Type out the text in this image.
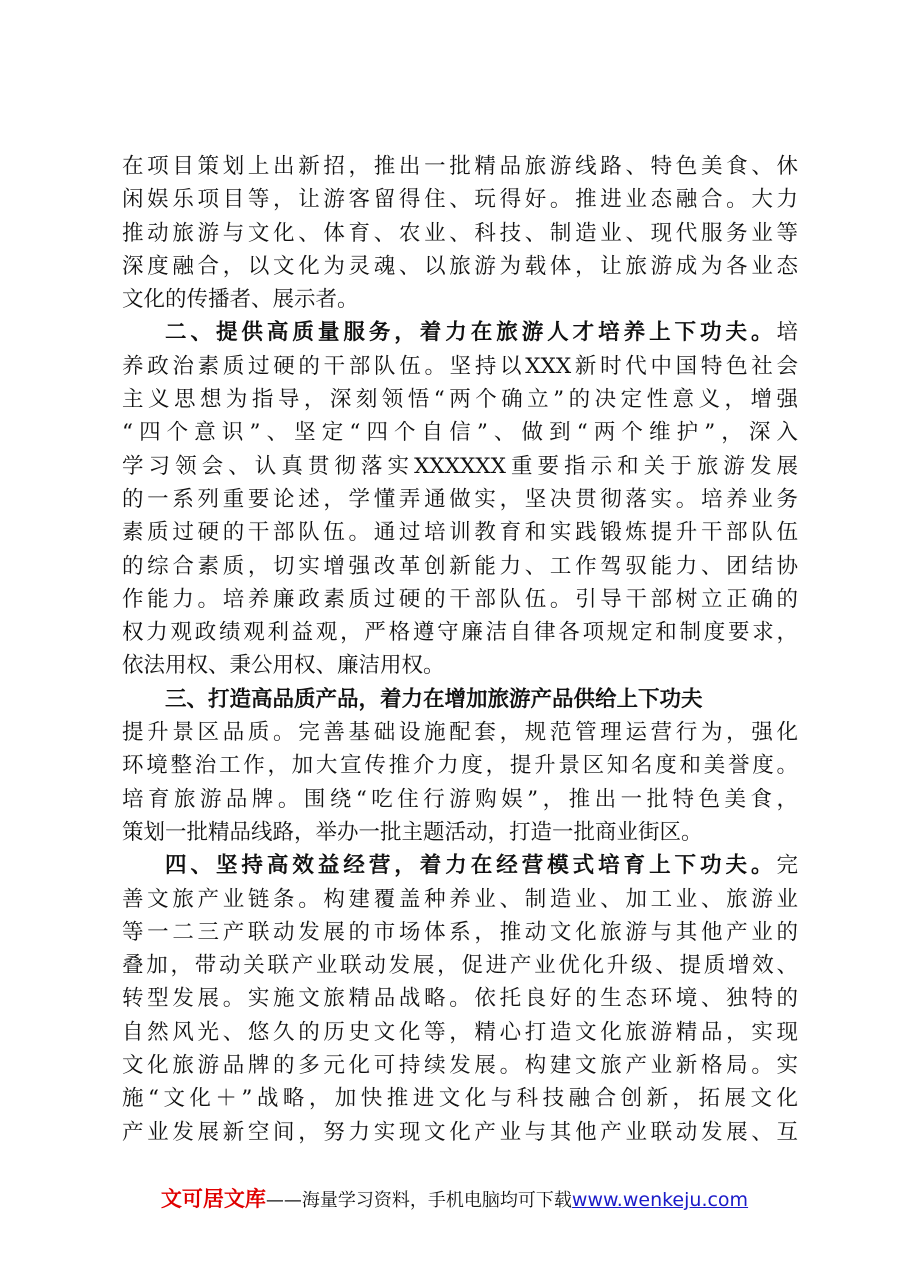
在项目策划上出新招，推出一批精品旅游线路、特色美食、休
闲娱乐项目等，让游客留得住、玩得好。推进业态融合。大力
推动旅游与文化、体育、农业、科技、制造业、现代服务业等
深度融合，以文化为灵魂、以旅游为载体，让旅游成为各业态
文化的传播者、展示者。
二、提供高质量服务，着力在旅游人才培养上下功夫。培
养政治素质过硬的干部队伍。坚持以XXX新时代中国特色社会
主义思想为指导，深刻领悟“两个确立”的决定性意义，增强
“四个意识”、坚定“四个自信”、做到“两个维护”，深入
学习领会、认真贯彻落实XXXXXX重要指示和关于旅游发展
的一系列重要论述，学懂弄通做实，坚决贯彻落实。培养业务
素质过硬的干部队伍。通过培训教育和实践锻炼提升干部队伍
的综合素质，切实增强改革创新能力、工作驾驭能力、团结协
作能力。培养廉政素质过硬的干部队伍。引导干部树立正确的
权力观政绩观利益观，严格遵守廉洁自律各项规定和制度要求，
依法用权、秉公用权、廉洁用权。
三、打造高品质产品，着力在增加旅游产品供给上下功夫
提升景区品质。完善基础设施配套，规范管理运营行为，强化
环境整治工作，加大宣传推介力度，提升景区知名度和美誉度。
培育旅游品牌。围绕“吃住行游购娱”，推出一批特色美食，
策划一批精品线路，举办一批主题活动，打造一批商业街区。
四、坚持高效益经营，着力在经营模式培育上下功夫。完
善文旅产业链条。构建覆盖种养业、制造业、加工业、旅游业
等一二三产联动发展的市场体系，推动文化旅游与其他产业的
叠加，带动关联产业联动发展，促进产业优化升级、提质增效、
转型发展。实施文旅精品战略。依托良好的生态环境、独特的
自然风光、悠久的历史文化等，精心打造文化旅游精品，实现
文化旅游品牌的多元化可持续发展。构建文旅产业新格局。实
施“文化＋”战略，加快推进文化与科技融合创新，拓展文化
产业发展新空间，努力实现文化产业与其他产业联动发展、互
文可居文库——海量学习资料，手机电脑均可下载www.wenkeju.com
